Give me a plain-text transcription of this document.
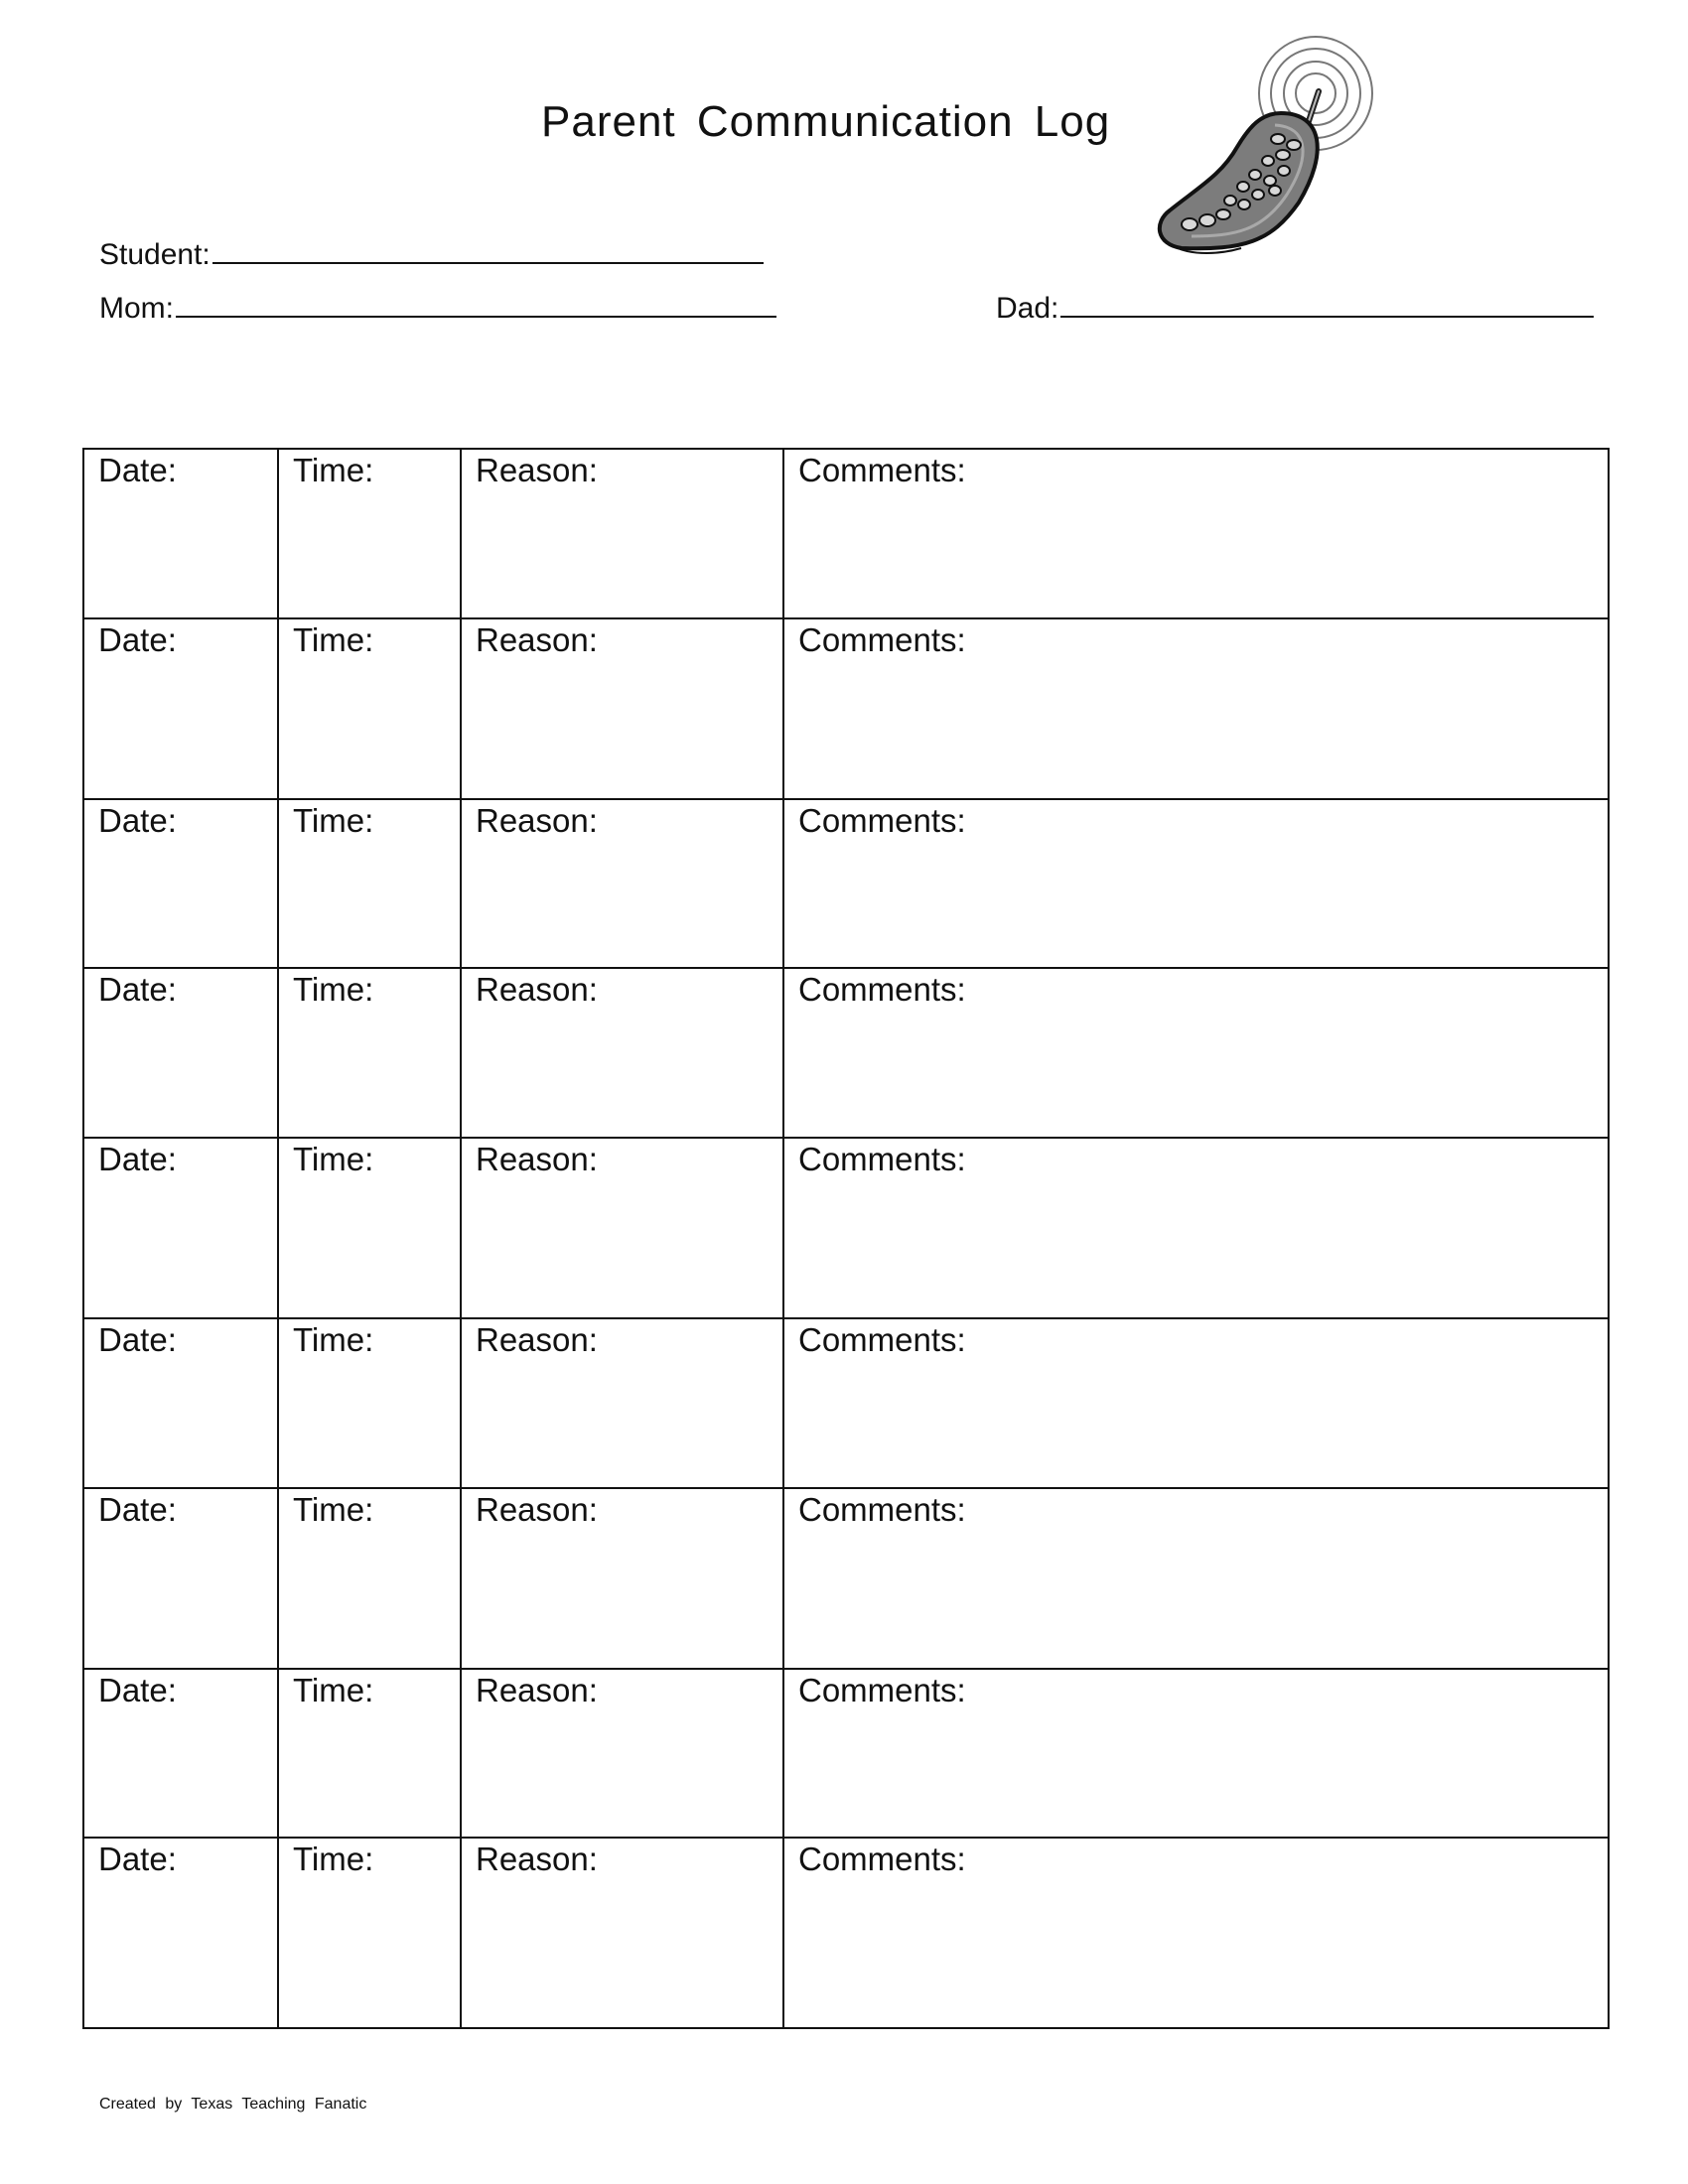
Parent Communication Log
Student:
Mom:	Dad:
Date:	Time:	Reason:	Comments:
Date:	Time:	Reason:	Comments:
Date:	Time:	Reason:	Comments:
Date:	Time:	Reason:	Comments:
Date:	Time:	Reason:	Comments:
Date:	Time:	Reason:	Comments:
Date:	Time:	Reason:	Comments:
Date:	Time:	Reason:	Comments:
Date:	Time:	Reason:	Comments:
Created by Texas Teaching Fanatic
